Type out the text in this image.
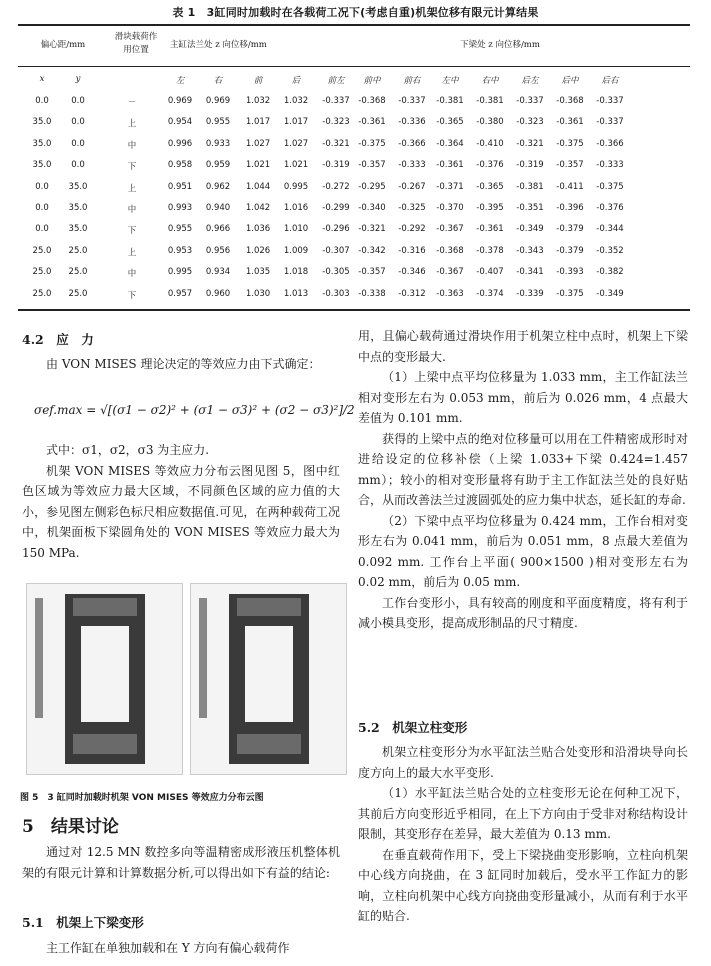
表 1　3缸同时加载时在各载荷工况下(考虑自重)机架位移有限元计算结果
偏心距/mm
滑块载荷作用位置	主缸法兰处 z 向位移/mm	下梁处 z 向位移/mm
x	y	左	右	前	后	前左	前中	前右	左中	右中	后左	后中	后右
0.0	0.0	－	0.969	0.969	1.032	1.032	-0.337	-0.368	-0.337	-0.381	-0.381	-0.337	-0.368	-0.337
35.0	0.0	上	0.954	0.955	1.017	1.017	-0.323	-0.361	-0.336	-0.365	-0.380	-0.323	-0.361	-0.337
35.0	0.0	中	0.996	0.933	1.027	1.027	-0.321	-0.375	-0.366	-0.364	-0.410	-0.321	-0.375	-0.366
35.0	0.0	下	0.958	0.959	1.021	1.021	-0.319	-0.357	-0.333	-0.361	-0.376	-0.319	-0.357	-0.333
0.0	35.0	上	0.951	0.962	1.044	0.995	-0.272	-0.295	-0.267	-0.371	-0.365	-0.381	-0.411	-0.375
0.0	35.0	中	0.993	0.940	1.042	1.016	-0.299	-0.340	-0.325	-0.370	-0.395	-0.351	-0.396	-0.376
0.0	35.0	下	0.955	0.966	1.036	1.010	-0.296	-0.321	-0.292	-0.367	-0.361	-0.349	-0.379	-0.344
25.0	25.0	上	0.953	0.956	1.026	1.009	-0.307	-0.342	-0.316	-0.368	-0.378	-0.343	-0.379	-0.352
25.0	25.0	中	0.995	0.934	1.035	1.018	-0.305	-0.357	-0.346	-0.367	-0.407	-0.341	-0.393	-0.382
25.0	25.0	下	0.957	0.960	1.030	1.013	-0.303	-0.338	-0.312	-0.363	-0.374	-0.339	-0.375	-0.349
4.2　应　力

由 VON MISES 理论决定的等效应力由下式确定：

σef.max = √[(σ1 − σ2)² + (σ1 − σ3)² + (σ2 − σ3)²]/2

式中：σ1，σ2，σ3 为主应力.

机架 VON MISES 等效应力分布云图见图 5，图中红色区域为等效应力最大区域，不同颜色区域的应力值的大小，参见图左侧彩色标尺相应数据值.可见，在两种载荷工况中，机架面板下梁圆角处的 VON MISES 等效应力最大为 150 MPa.

图 5　3 缸同时加载时机架 VON MISES 等效应力分布云图
5　结果讨论

通过对 12.5 MN 数控多向等温精密成形液压机整体机架的有限元计算和计算数据分析,可以得出如下有益的结论:

5.1　机架上下梁变形

主工作缸在单独加载和在 Y 方向有偏心载荷作

用，且偏心载荷通过滑块作用于机架立柱中点时，机架上下梁中点的变形最大.

（1）上梁中点平均位移量为 1.033 mm，主工作缸法兰相对变形左右为 0.053 mm，前后为 0.026 mm，4 点最大差值为 0.101 mm.

获得的上梁中点的绝对位移量可以用在工件精密成形时对进给设定的位移补偿（上梁 1.033+下梁 0.424=1.457 mm）；较小的相对变形量将有助于主工作缸法兰处的良好贴合，从而改善法兰过渡圆弧处的应力集中状态，延长缸的寿命.

（2）下梁中点平均位移量为 0.424 mm，工作台相对变形左右为 0.041 mm，前后为 0.051 mm，8 点最大差值为 0.092 mm. 工作台上平面( 900×1500 )相对变形左右为 0.02 mm，前后为 0.05 mm.

工作台变形小，具有较高的刚度和平面度精度，将有利于减小模具变形，提高成形制品的尺寸精度.

5.2　机架立柱变形

机架立柱变形分为水平缸法兰贴合处变形和沿滑块导向长度方向上的最大水平变形.

（1）水平缸法兰贴合处的立柱变形无论在何种工况下，其前后方向变形近乎相同，在上下方向由于受非对称结构设计限制，其变形存在差异，最大差值为 0.13 mm.

在垂直载荷作用下，受上下梁挠曲变形影响，立柱向机架中心线方向挠曲，在 3 缸同时加载后，受水平工作缸力的影响，立柱向机架中心线方向挠曲变形量减小，从而有利于水平缸的贴合.
